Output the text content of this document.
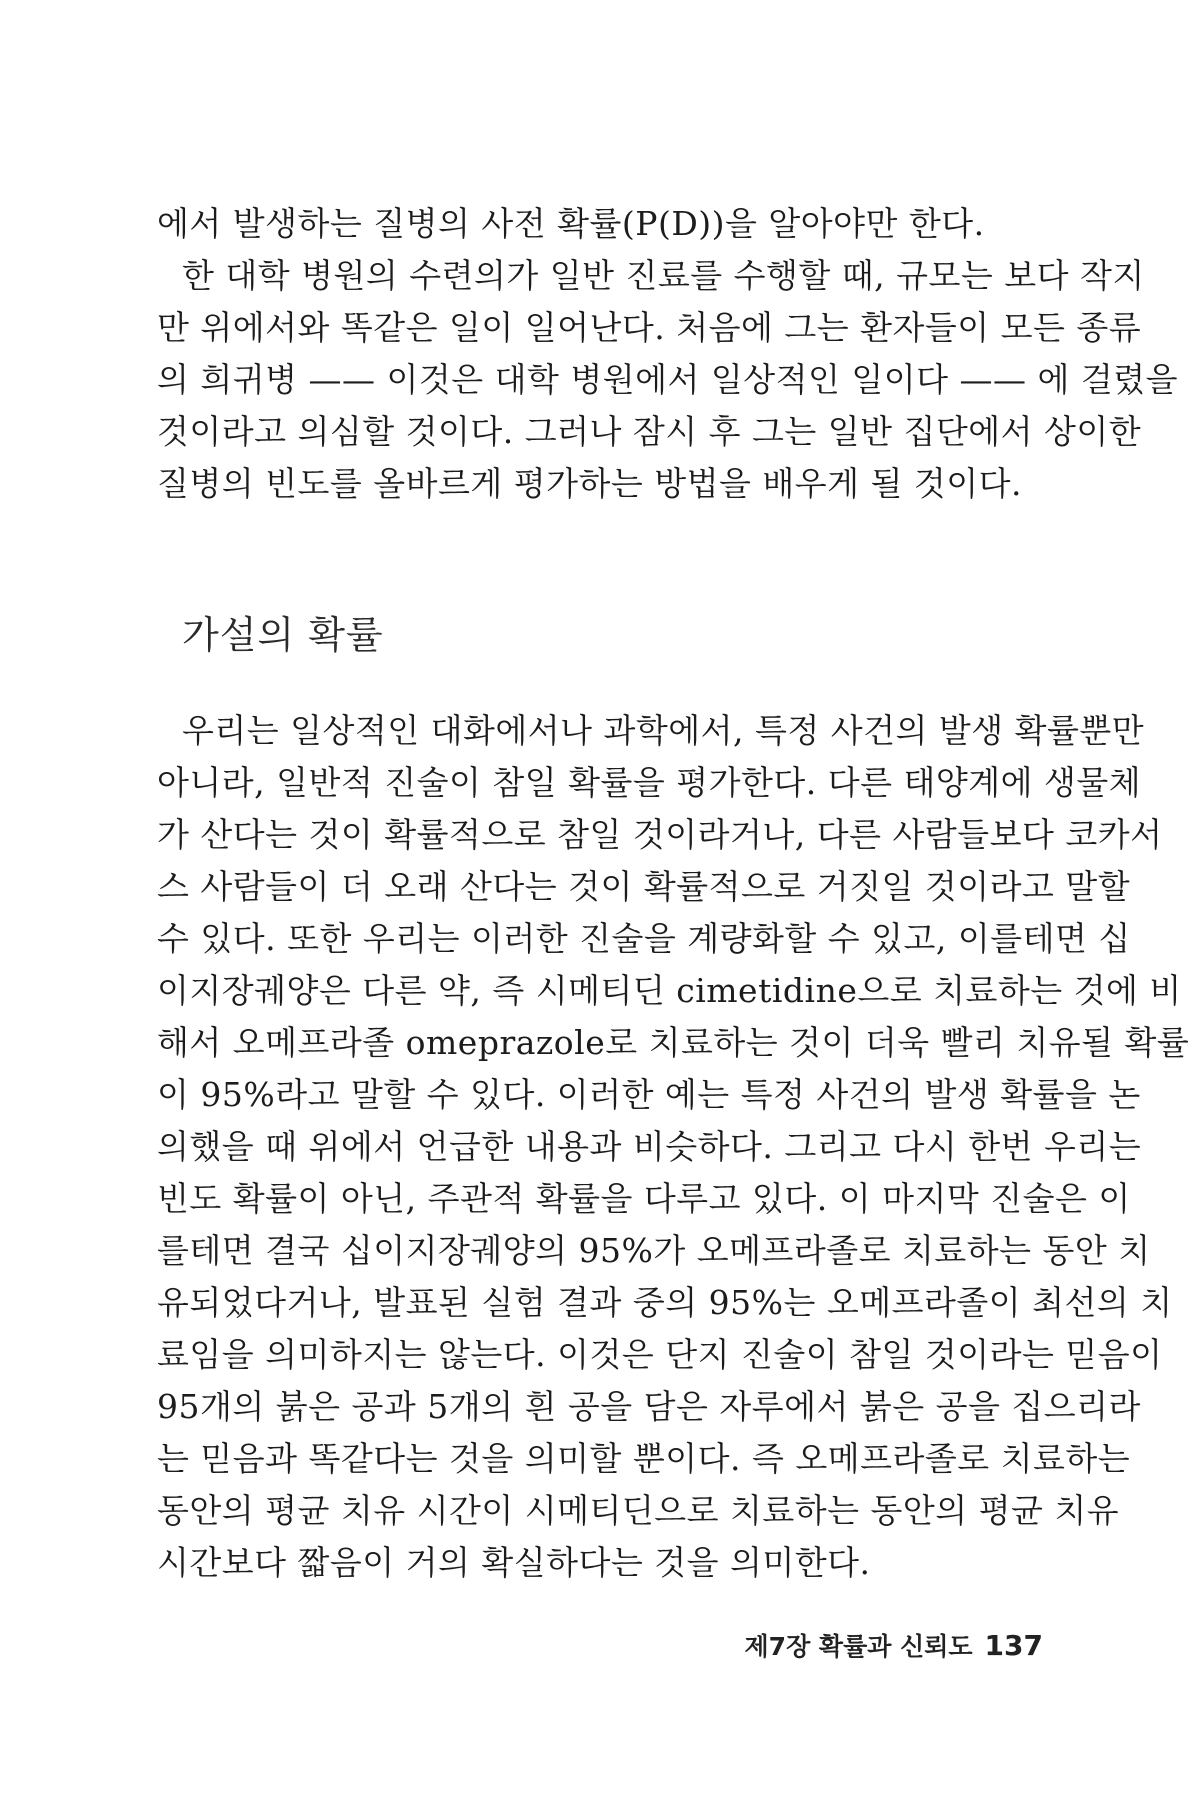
에서 발생하는 질병의 사전 확률(P(D))을 알아야만 한다.
한 대학 병원의 수련의가 일반 진료를 수행할 때, 규모는 보다 작지
만 위에서와 똑같은 일이 일어난다. 처음에 그는 환자들이 모든 종류
의 희귀병 —— 이것은 대학 병원에서 일상적인 일이다 —— 에 걸렸을
것이라고 의심할 것이다. 그러나 잠시 후 그는 일반 집단에서 상이한
질병의 빈도를 올바르게 평가하는 방법을 배우게 될 것이다.

가설의 확률

우리는 일상적인 대화에서나 과학에서, 특정 사건의 발생 확률뿐만
아니라, 일반적 진술이 참일 확률을 평가한다. 다른 태양계에 생물체
가 산다는 것이 확률적으로 참일 것이라거나, 다른 사람들보다 코카서
스 사람들이 더 오래 산다는 것이 확률적으로 거짓일 것이라고 말할
수 있다. 또한 우리는 이러한 진술을 계량화할 수 있고, 이를테면 십
이지장궤양은 다른 약, 즉 시메티딘 cimetidine으로 치료하는 것에 비
해서 오메프라졸 omeprazole로 치료하는 것이 더욱 빨리 치유될 확률
이 95%라고 말할 수 있다. 이러한 예는 특정 사건의 발생 확률을 논
의했을 때 위에서 언급한 내용과 비슷하다. 그리고 다시 한번 우리는
빈도 확률이 아닌, 주관적 확률을 다루고 있다. 이 마지막 진술은 이
를테면 결국 십이지장궤양의 95%가 오메프라졸로 치료하는 동안 치
유되었다거나, 발표된 실험 결과 중의 95%는 오메프라졸이 최선의 치
료임을 의미하지는 않는다. 이것은 단지 진술이 참일 것이라는 믿음이
95개의 붉은 공과 5개의 흰 공을 담은 자루에서 붉은 공을 집으리라
는 믿음과 똑같다는 것을 의미할 뿐이다. 즉 오메프라졸로 치료하는
동안의 평균 치유 시간이 시메티딘으로 치료하는 동안의 평균 치유
시간보다 짧음이 거의 확실하다는 것을 의미한다.

제7장 확률과 신뢰도 137
